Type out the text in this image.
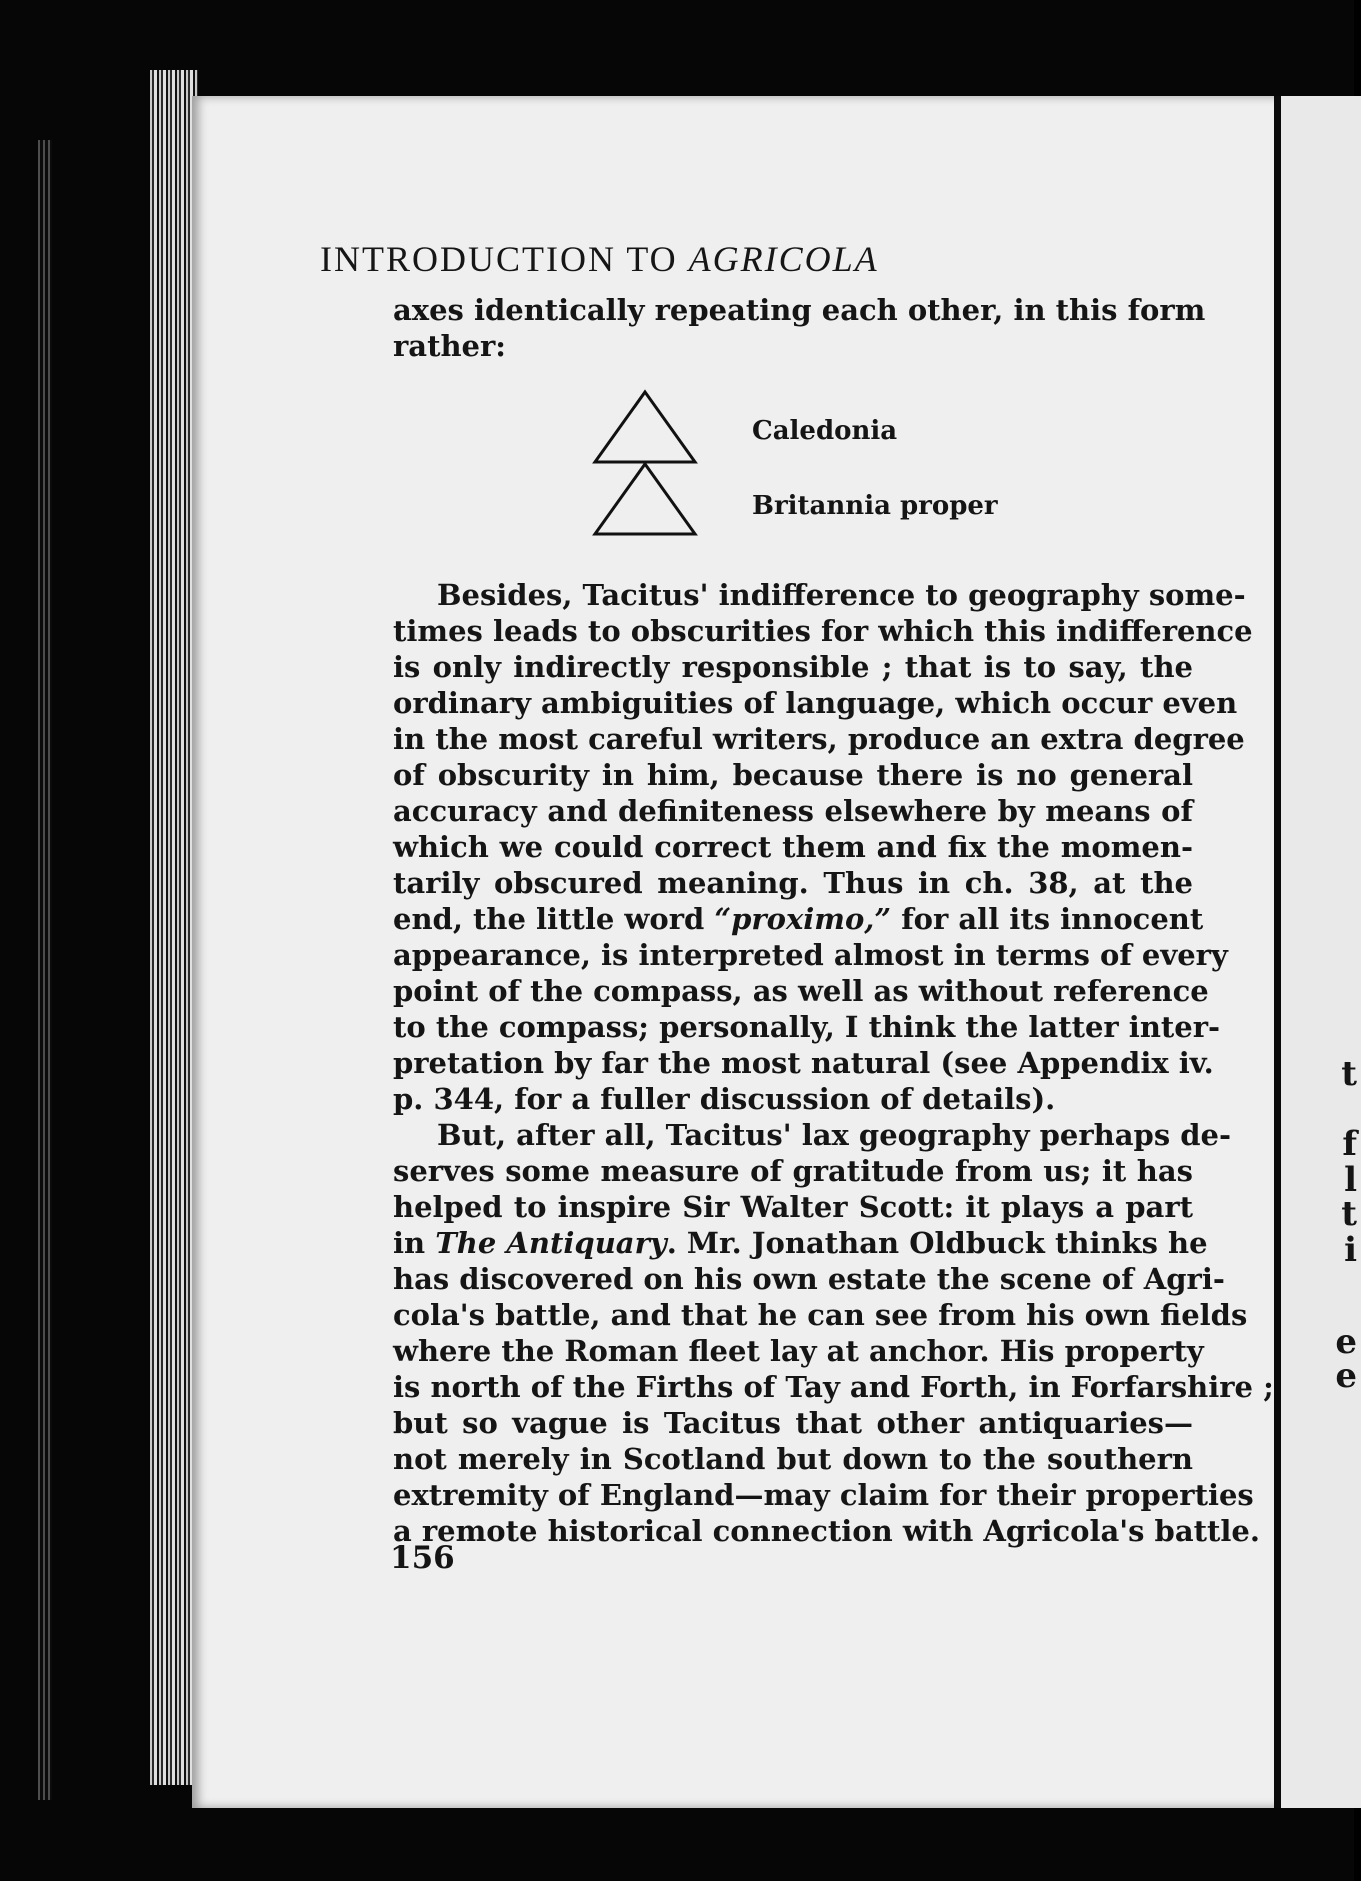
t
f
l
t
i
e
e
INTRODUCTION TO AGRICOLA
axes identically repeating each other, in this form
rather:
Caledonia
Britannia proper
Besides, Tacitus' indifference to geography some-
times leads to obscurities for which this indifference
is only indirectly responsible ; that is to say, the
ordinary ambiguities of language, which occur even
in the most careful writers, produce an extra degree
of obscurity in him, because there is no general
accuracy and definiteness elsewhere by means of
which we could correct them and fix the momen-
tarily obscured meaning. Thus in ch. 38, at the
end, the little word “proximo,” for all its innocent
appearance, is interpreted almost in terms of every
point of the compass, as well as without reference
to the compass; personally, I think the latter inter-
pretation by far the most natural (see Appendix iv.
p. 344, for a fuller discussion of details).
But, after all, Tacitus' lax geography perhaps de-
serves some measure of gratitude from us; it has
helped to inspire Sir Walter Scott: it plays a part
in The Antiquary. Mr. Jonathan Oldbuck thinks he
has discovered on his own estate the scene of Agri-
cola's battle, and that he can see from his own fields
where the Roman fleet lay at anchor. His property
is north of the Firths of Tay and Forth, in Forfarshire ;
but so vague is Tacitus that other antiquaries—
not merely in Scotland but down to the southern
extremity of England—may claim for their properties
a remote historical connection with Agricola's battle.
156
